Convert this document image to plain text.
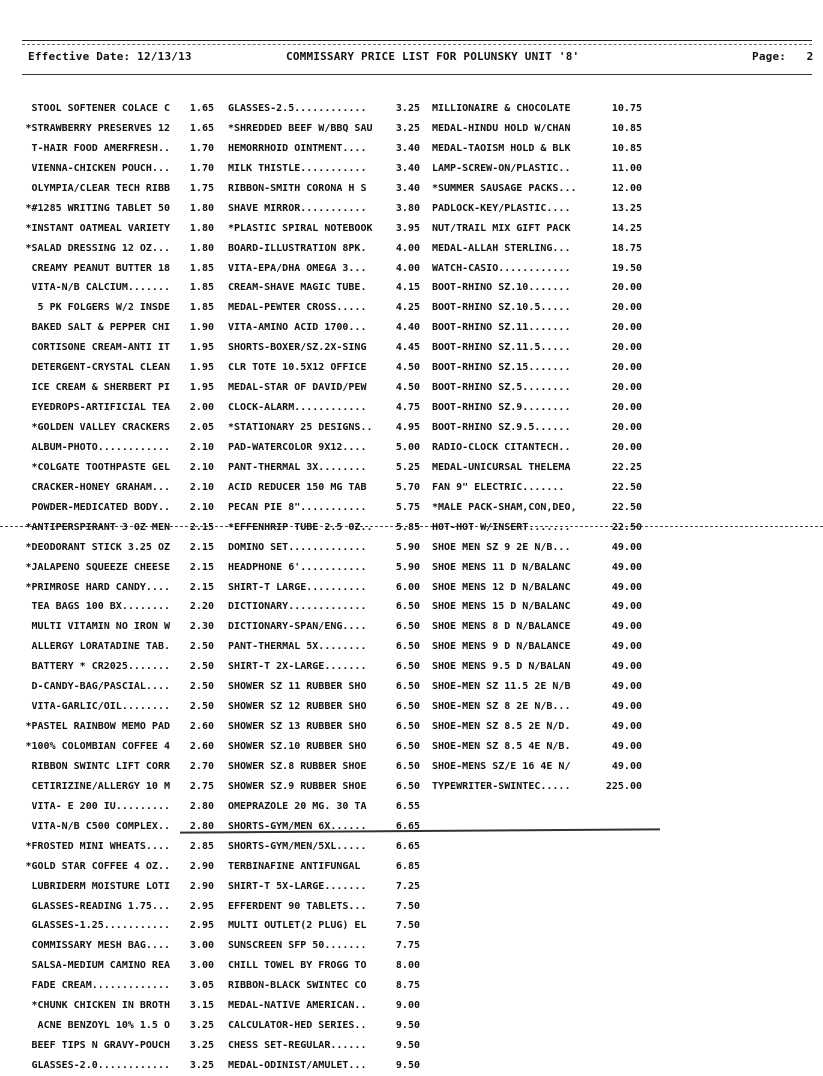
Effective Date: 12/13/13	COMMISSARY PRICE LIST FOR POLUNSKY UNIT '8'	Page: 2
STOOL SOFTENER COLACE C	1.65
*STRAWBERRY PRESERVES 12	1.65
T-HAIR FOOD AMERFRESH..	1.70
VIENNA-CHICKEN POUCH...	1.70
OLYMPIA/CLEAR TECH RIBB	1.75
*#1285 WRITING TABLET 50	1.80
*INSTANT OATMEAL VARIETY	1.80
*SALAD DRESSING 12 OZ...	1.80
CREAMY PEANUT BUTTER 18	1.85
VITA-N/B CALCIUM.......	1.85
5 PK FOLGERS W/2 INSDE	1.85
BAKED SALT & PEPPER CHI	1.90
CORTISONE CREAM-ANTI IT	1.95
DETERGENT-CRYSTAL CLEAN	1.95
ICE CREAM & SHERBERT PI	1.95
EYEDROPS-ARTIFICIAL TEA	2.00
*GOLDEN VALLEY CRACKERS	2.05
ALBUM-PHOTO............	2.10
*COLGATE TOOTHPASTE GEL	2.10
CRACKER-HONEY GRAHAM...	2.10
POWDER-MEDICATED BODY..	2.10
*ANTIPERSPIRANT 3 OZ MEN	2.15
*DEODORANT STICK 3.25 OZ	2.15
*JALAPENO SQUEEZE CHEESE	2.15
*PRIMROSE HARD CANDY....	2.15
TEA BAGS 100 BX........	2.20
MULTI VITAMIN NO IRON W	2.30
ALLERGY LORATADINE TAB.	2.50
BATTERY * CR2025.......	2.50
D-CANDY-BAG/PASCIAL....	2.50
VITA-GARLIC/OIL........	2.50
*PASTEL RAINBOW MEMO PAD	2.60
*100% COLOMBIAN COFFEE 4	2.60
RIBBON SWINTC LIFT CORR	2.70
CETIRIZINE/ALLERGY 10 M	2.75
VITA- E 200 IU.........	2.80
VITA-N/B C500 COMPLEX..	2.80
*FROSTED MINI WHEATS....	2.85
*GOLD STAR COFFEE 4 OZ..	2.90
LUBRIDERM MOISTURE LOTI	2.90
GLASSES-READING 1.75...	2.95
GLASSES-1.25...........	2.95
COMMISSARY MESH BAG....	3.00
SALSA-MEDIUM CAMINO REA	3.00
FADE CREAM.............	3.05
*CHUNK CHICKEN IN BROTH	3.15
ACNE BENZOYL 10% 1.5 O	3.25
BEEF TIPS N GRAVY-POUCH	3.25
GLASSES-2.0............	3.25
GLASSES-2.5............	3.25
*SHREDDED BEEF W/BBQ SAU	3.25
HEMORRHOID OINTMENT....	3.40
MILK THISTLE...........	3.40
RIBBON-SMITH CORONA H S	3.40
SHAVE MIRROR...........	3.80
*PLASTIC SPIRAL NOTEBOOK	3.95
BOARD-ILLUSTRATION 8PK.	4.00
VITA-EPA/DHA OMEGA 3...	4.00
CREAM-SHAVE MAGIC TUBE.	4.15
MEDAL-PEWTER CROSS.....	4.25
VITA-AMINO ACID 1700...	4.40
SHORTS-BOXER/SZ.2X-SING	4.45
CLR TOTE 10.5X12 OFFICE	4.50
MEDAL-STAR OF DAVID/PEW	4.50
CLOCK-ALARM............	4.75
*STATIONARY 25 DESIGNS..	4.95
PAD-WATERCOLOR 9X12....	5.00
PANT-THERMAL 3X........	5.25
ACID REDUCER 150 MG TAB	5.70
PECAN PIE 8"...........	5.75
*EFFENHRIP TUBE 2.5 OZ..	5.85
DOMINO SET.............	5.90
HEADPHONE 6'...........	5.90
SHIRT-T LARGE..........	6.00
DICTIONARY.............	6.50
DICTIONARY-SPAN/ENG....	6.50
PANT-THERMAL 5X........	6.50
SHIRT-T 2X-LARGE.......	6.50
SHOWER SZ 11 RUBBER SHO	6.50
SHOWER SZ 12 RUBBER SHO	6.50
SHOWER SZ 13 RUBBER SHO	6.50
SHOWER SZ.10 RUBBER SHO	6.50
SHOWER SZ.8 RUBBER SHOE	6.50
SHOWER SZ.9 RUBBER SHOE	6.50
OMEPRAZOLE 20 MG. 30 TA	6.55
SHORTS-GYM/MEN 6X......	6.65
SHORTS-GYM/MEN/5XL.....	6.65
TERBINAFINE ANTIFUNGAL	6.85
SHIRT-T 5X-LARGE.......	7.25
EFFERDENT 90 TABLETS...	7.50
MULTI OUTLET(2 PLUG) EL	7.50
SUNSCREEN SFP 50.......	7.75
CHILL TOWEL BY FROGG TO	8.00
RIBBON-BLACK SWINTEC CO	8.75
MEDAL-NATIVE AMERICAN..	9.00
CALCULATOR-HED SERIES..	9.50
CHESS SET-REGULAR......	9.50
MEDAL-ODINIST/AMULET...	9.50
MILLIONAIRE & CHOCOLATE	10.75
MEDAL-HINDU HOLD W/CHAN	10.85
MEDAL-TAOISM HOLD & BLK	10.85
LAMP-SCREW-ON/PLASTIC..	11.00
*SUMMER SAUSAGE PACKS...	12.00
PADLOCK-KEY/PLASTIC....	13.25
NUT/TRAIL MIX GIFT PACK	14.25
MEDAL-ALLAH STERLING...	18.75
WATCH-CASIO............	19.50
BOOT-RHINO SZ.10.......	20.00
BOOT-RHINO SZ.10.5.....	20.00
BOOT-RHINO SZ.11.......	20.00
BOOT-RHINO SZ.11.5.....	20.00
BOOT-RHINO SZ.15.......	20.00
BOOT-RHINO SZ.5........	20.00
BOOT-RHINO SZ.9........	20.00
BOOT-RHINO SZ.9.5......	20.00
RADIO-CLOCK CITANTECH..	20.00
MEDAL-UNICURSAL THELEMA	22.25
FAN 9" ELECTRIC.......	22.50
*MALE PACK-SHAM,CON,DEO,	22.50
HOT-HOT W/INSERT.......	22.50
SHOE MEN SZ 9 2E N/B...	49.00
SHOE MENS 11 D N/BALANC	49.00
SHOE MENS 12 D N/BALANC	49.00
SHOE MENS 15 D N/BALANC	49.00
SHOE MENS 8 D N/BALANCE	49.00
SHOE MENS 9 D N/BALANCE	49.00
SHOE MENS 9.5 D N/BALAN	49.00
SHOE-MEN SZ 11.5 2E N/B	49.00
SHOE-MEN SZ 8 2E N/B...	49.00
SHOE-MEN SZ 8.5 2E N/D.	49.00
SHOE-MEN SZ 8.5 4E N/B.	49.00
SHOE-MENS SZ/E 16 4E N/	49.00
TYPEWRITER-SWINTEC.....	225.00
